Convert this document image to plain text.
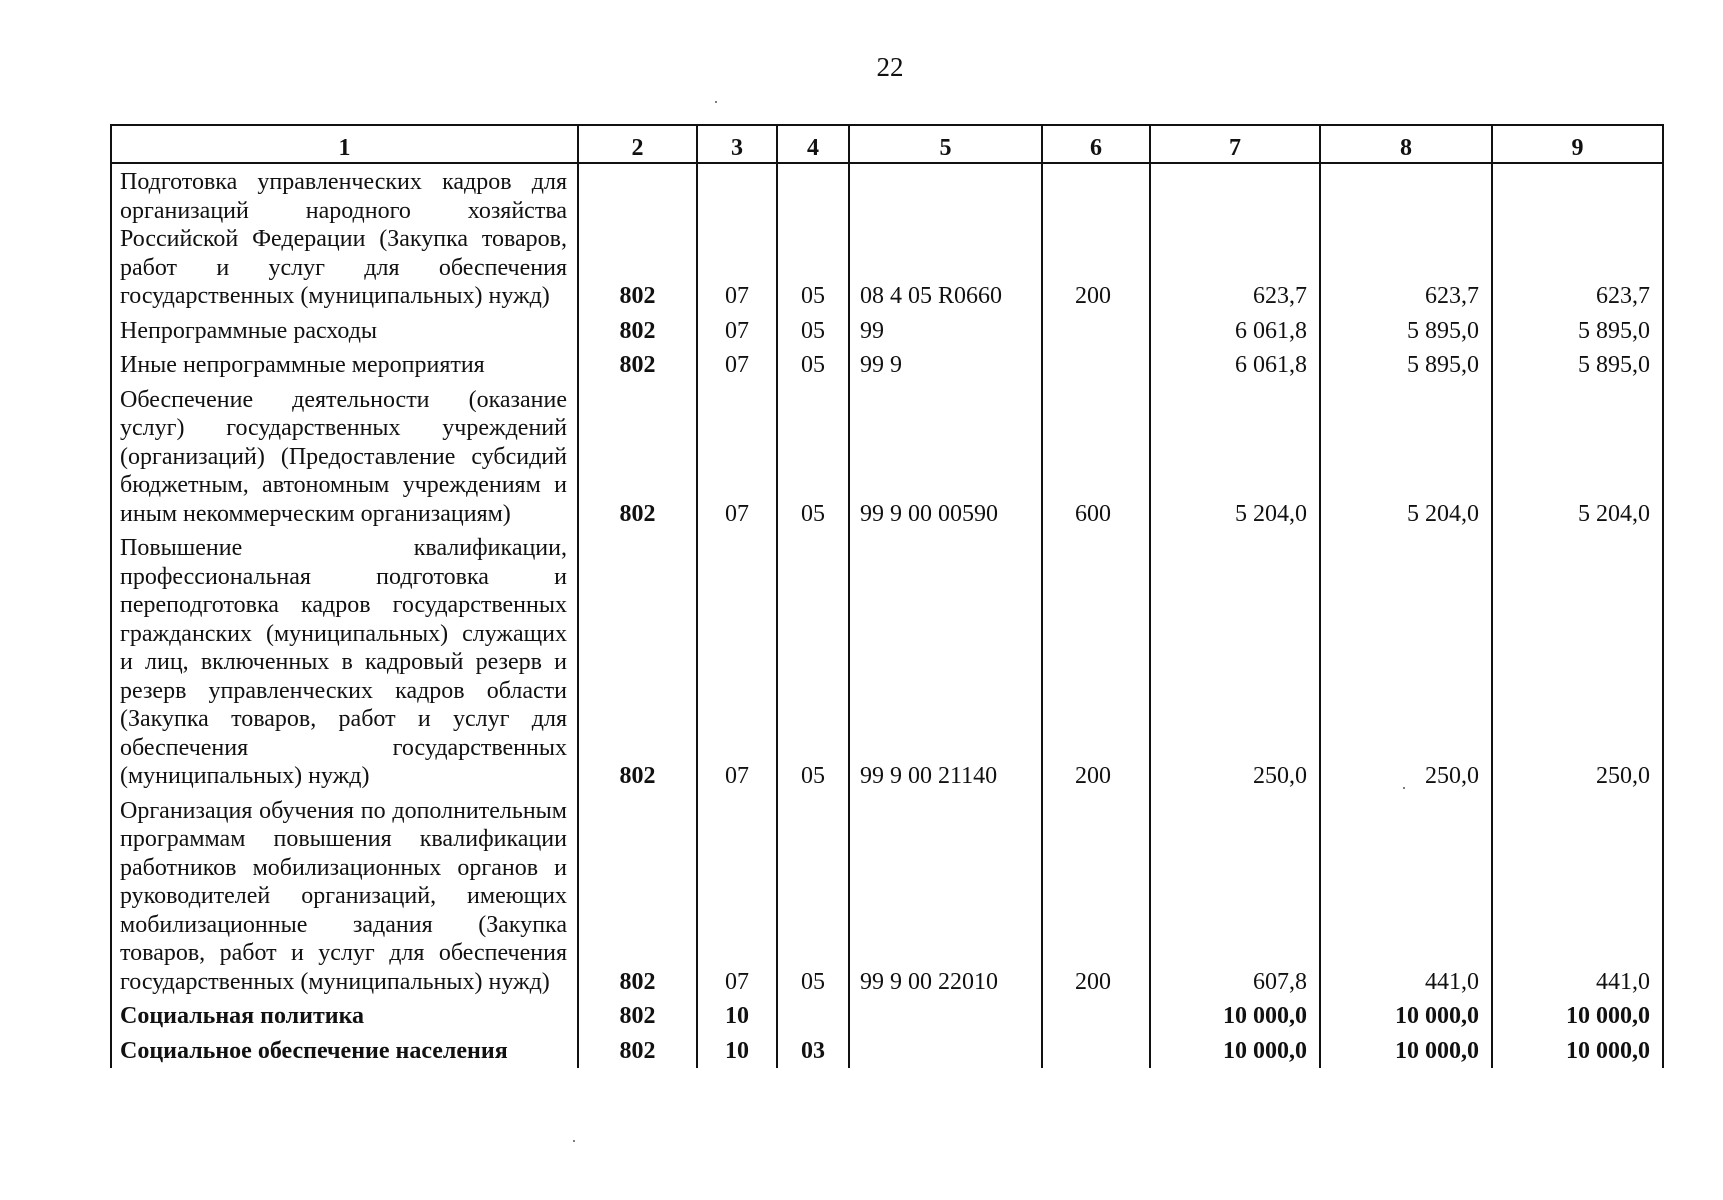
22
1	2	3	4	5	6	7	8	9
Подготовка управленческих кадров для организаций народного хозяйства Российской Федерации (Закупка товаров, работ и услуг для обеспечения государственных (муниципальных) нужд)	802	07	05	08 4 05 R0660	200	623,7	623,7	623,7
Непрограммные расходы	802	07	05	99		6 061,8	5 895,0	5 895,0
Иные непрограммные мероприятия	802	07	05	99 9		6 061,8	5 895,0	5 895,0
Обеспечение деятельности (оказание услуг) государственных учреждений (организаций) (Предоставление субсидий бюджетным, автономным учреждениям и иным некоммерческим организациям)	802	07	05	99 9 00 00590	600	5 204,0	5 204,0	5 204,0
Повышение квалификации, профессиональная подготовка и переподготовка кадров государственных гражданских (муниципальных) служащих и лиц, включенных в кадровый резерв и резерв управленческих кадров области (Закупка товаров, работ и услуг для обеспечения государственных (муниципальных) нужд)	802	07	05	99 9 00 21140	200	250,0	250,0	250,0
Организация обучения по дополнительным программам повышения квалификации работников мобилизационных органов и руководителей организаций, имеющих мобилизационные задания (Закупка товаров, работ и услуг для обеспечения государственных (муниципальных) нужд)	802	07	05	99 9 00 22010	200	607,8	441,0	441,0
Социальная политика	802	10				10 000,0	10 000,0	10 000,0
Социальное обеспечение населения	802	10	03			10 000,0	10 000,0	10 000,0
